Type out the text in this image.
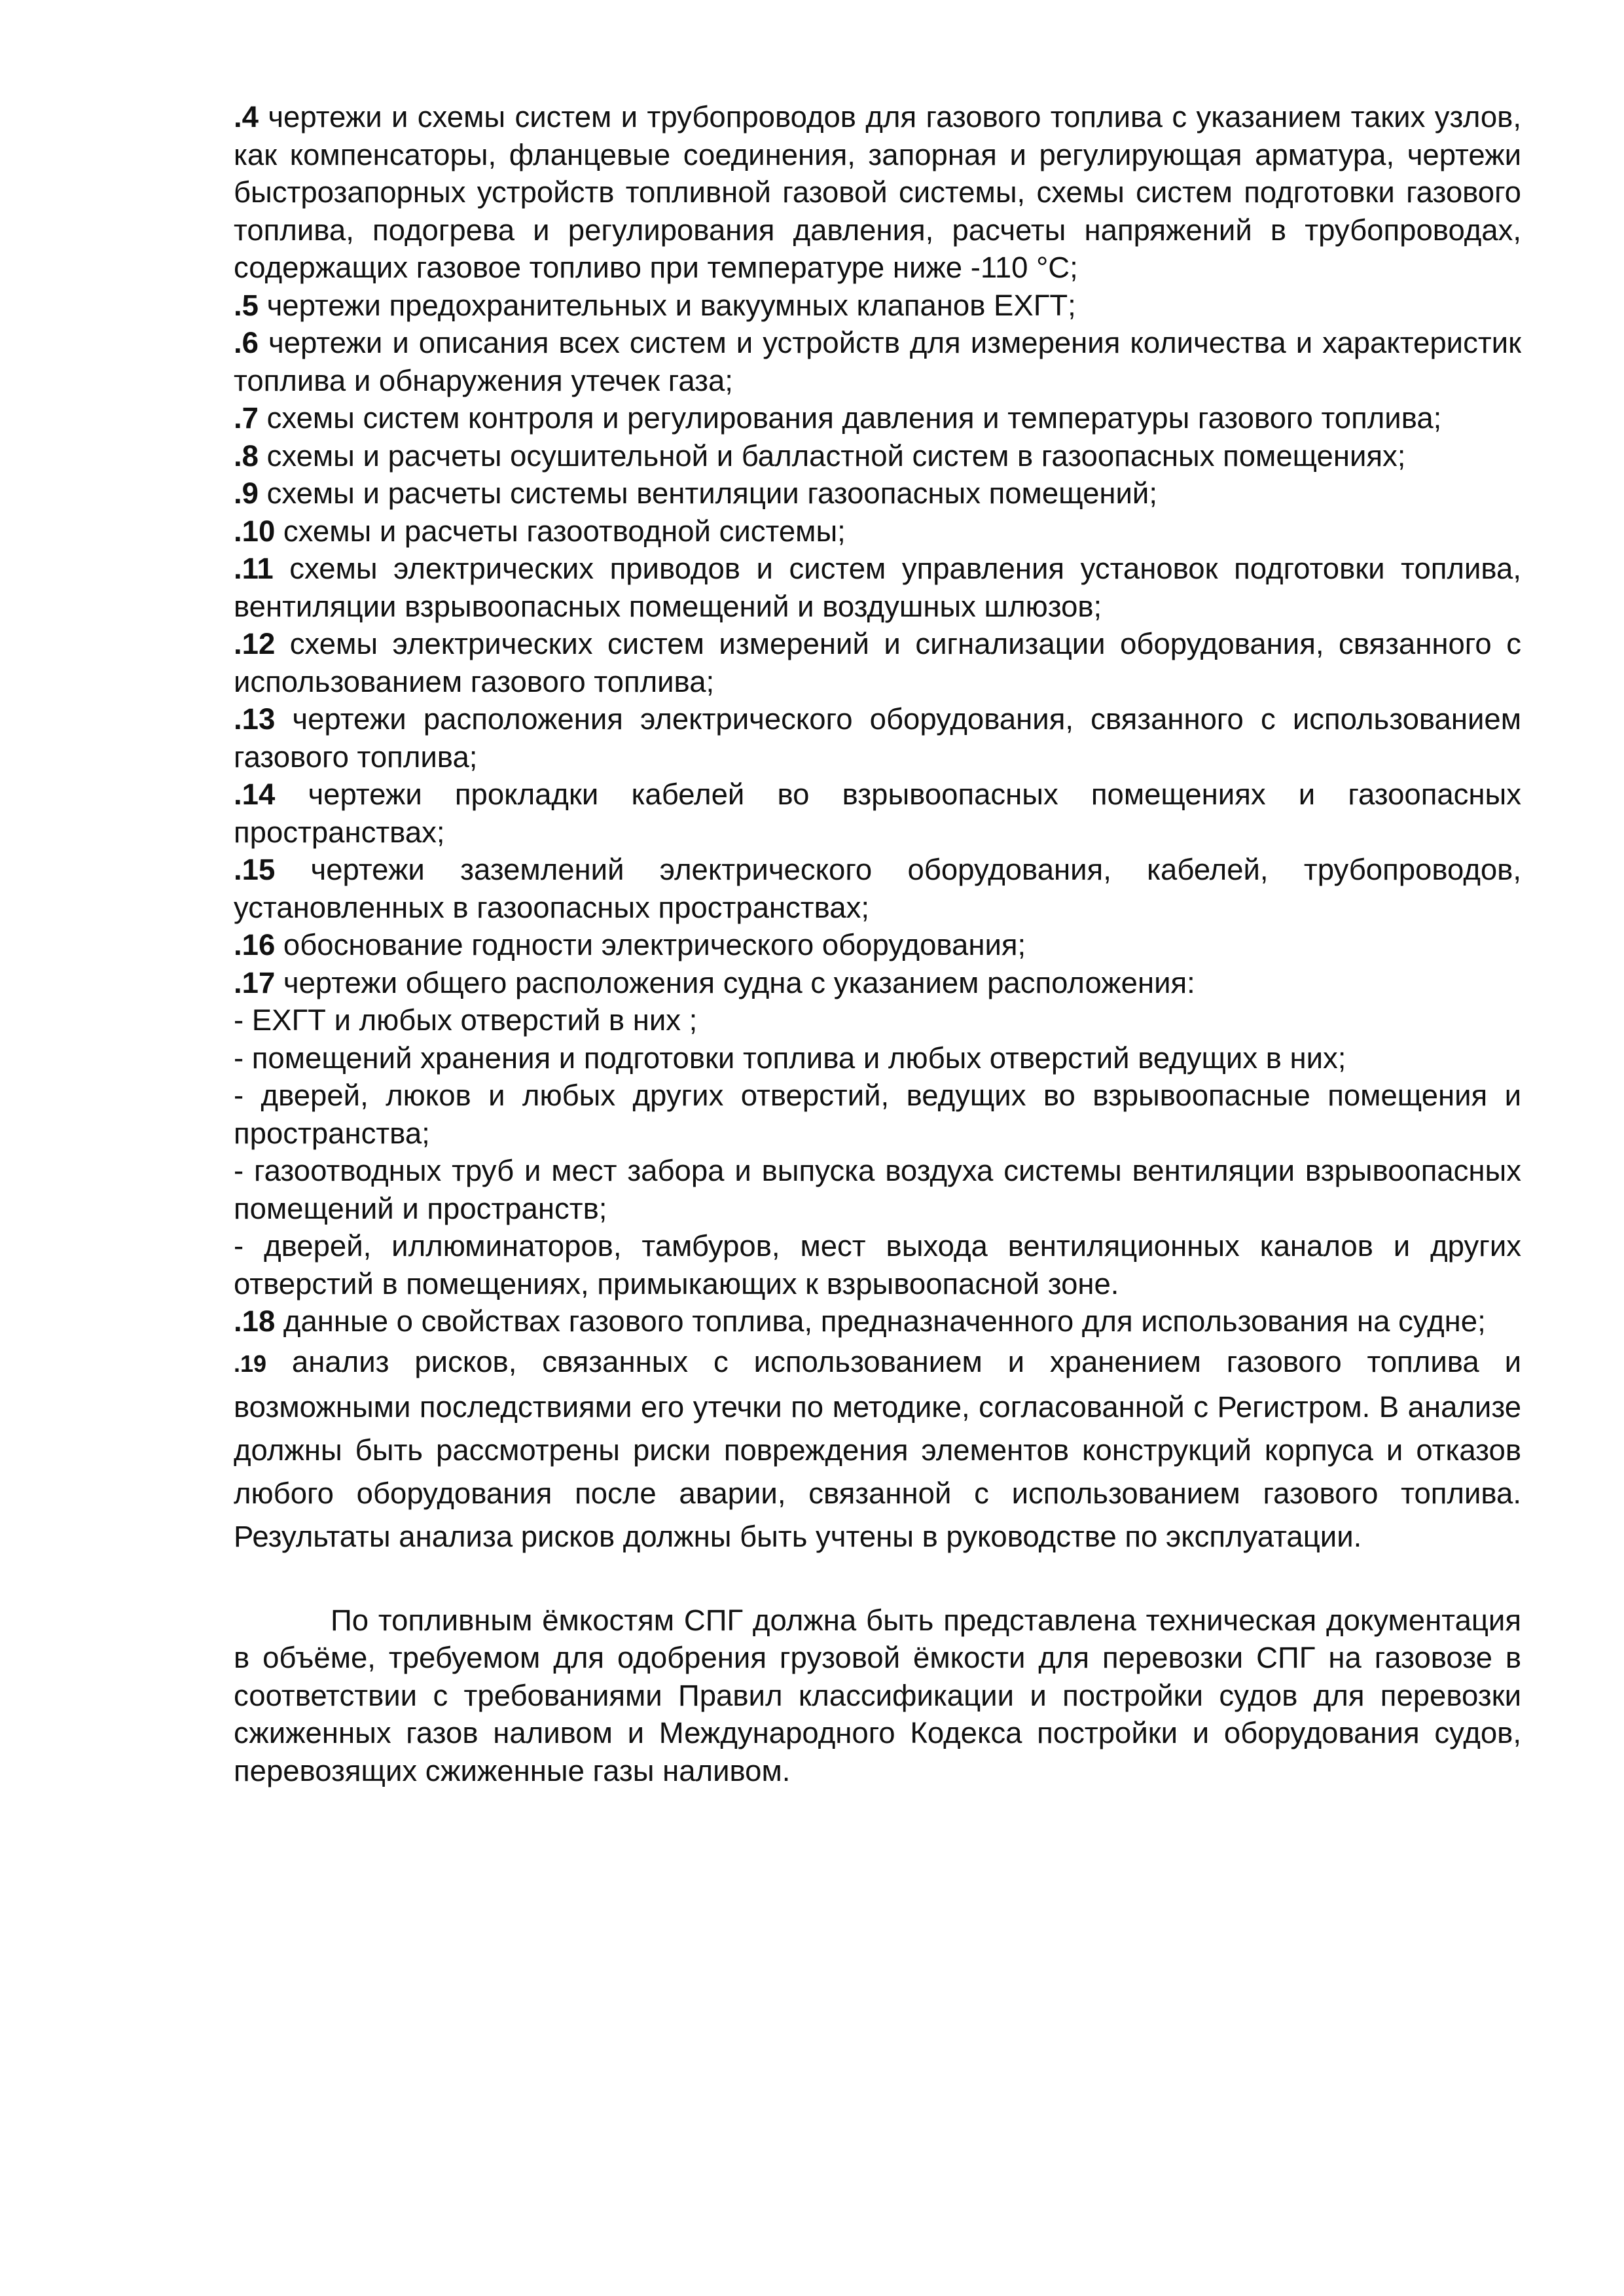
.4 чертежи и схемы систем и трубопроводов для газового топлива с указанием таких узлов, как компенсаторы, фланцевые соединения, запорная и регулирующая арматура, чертежи быстрозапорных устройств топливной газовой системы, схемы систем подготовки газового топлива, подогрева и регулирования давления, расчеты напряжений в трубопроводах, содержащих газовое топливо при температуре ниже -110 °С;

.5 чертежи предохранительных и вакуумных клапанов ЕХГТ;

.6 чертежи и описания всех систем и устройств для измерения количества и характеристик топлива и обнаружения утечек газа;

.7 схемы систем контроля и регулирования давления и температуры газового топлива;

.8 схемы и расчеты осушительной и балластной систем в газоопасных помещениях;

.9 схемы и расчеты системы вентиляции газоопасных помещений;

.10 схемы и расчеты газоотводной системы;

.11 схемы электрических приводов и систем управления установок подготовки топлива, вентиляции взрывоопасных помещений и воздушных шлюзов;

.12 схемы электрических систем измерений и сигнализации оборудования, связанного с использованием газового топлива;

.13 чертежи расположения электрического оборудования, связанного с использованием газового топлива;

.14 чертежи прокладки кабелей во взрывоопасных помещениях и газоопасных пространствах;

.15 чертежи заземлений электрического оборудования, кабелей, трубопроводов, установленных в газоопасных пространствах;

.16 обоснование годности электрического оборудования;

.17 чертежи общего расположения судна с указанием расположения:

- ЕХГТ и любых отверстий в них ;

- помещений хранения и подготовки топлива и любых отверстий ведущих в них;

- дверей, люков и любых других отверстий, ведущих во взрывоопасные помещения и пространства;

- газоотводных труб и мест забора и выпуска воздуха системы вентиляции взрывоопасных помещений и пространств;

- дверей, иллюминаторов, тамбуров, мест выхода вентиляционных каналов и других отверстий в помещениях, примыкающих к взрывоопасной зоне.

.18 данные о свойствах газового топлива, предназначенного для использования на судне;

.19 анализ рисков, связанных с использованием и хранением газового топлива и возможными последствиями его утечки по методике, согласованной с Регистром. В анализе должны быть рассмотрены риски повреждения элементов конструкций корпуса и отказов любого оборудования после аварии, связанной с использованием газового топлива. Результаты анализа рисков должны быть учтены в руководстве по эксплуатации.

По топливным ёмкостям СПГ должна быть представлена техническая документация в объёме, требуемом для одобрения грузовой ёмкости для перевозки СПГ на газовозе в соответствии с требованиями Правил классификации и постройки судов для перевозки сжиженных газов наливом и Международного Кодекса постройки и оборудования судов, перевозящих сжиженные газы наливом.
